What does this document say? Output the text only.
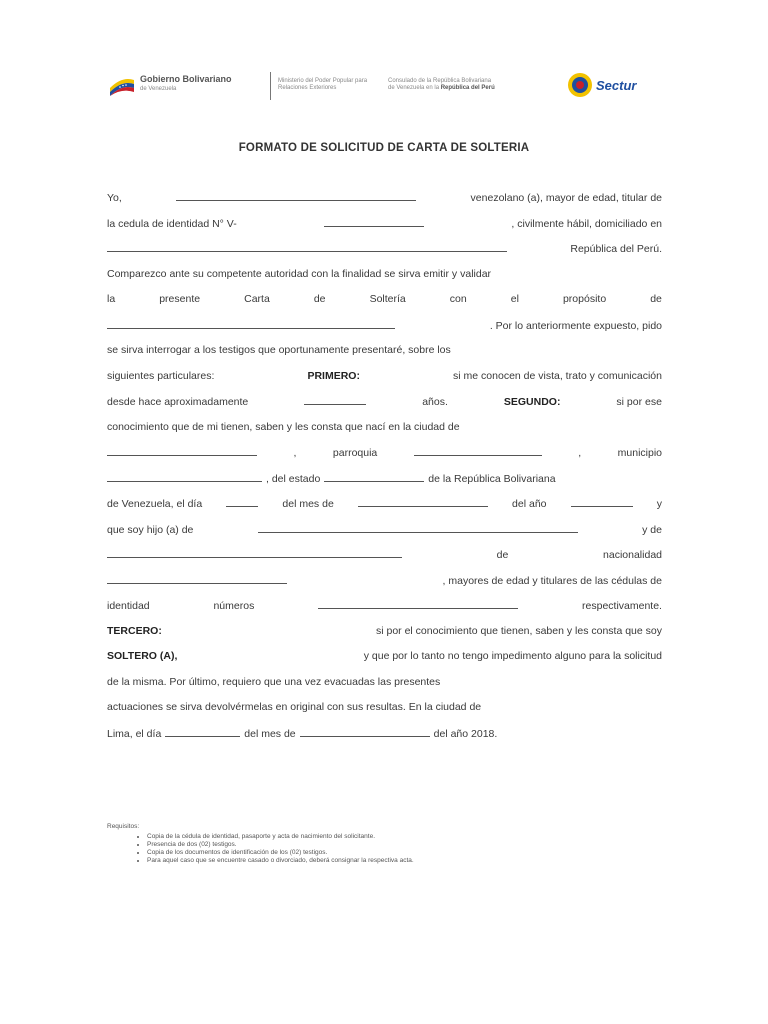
Gobierno Bolivariano
de Venezuela
Ministerio del Poder Popular para Relaciones Exteriores
Consulado de la República Bolivariana
de Venezuela en la República del Perú	Sectur
FORMATO DE SOLICITUD DE CARTA DE SOLTERIA
Yo,	venezolano (a), mayor de edad, titular de
la cedula de identidad N° V-	, civilmente hábil, domiciliado en
República del Perú.
Comparezco ante su competente autoridad con la finalidad se sirva emitir y validar
la	presente	Carta	de	Soltería	con	el	propósito	de
. Por lo anteriormente expuesto, pido
se sirva interrogar a los testigos que oportunamente presentaré, sobre los
siguientes particulares:	PRIMERO:	si me conocen de vista, trato y comunicación
desde hace aproximadamente	años.	SEGUNDO:	si por ese
conocimiento que de mi tienen, saben y les consta que nací en la ciudad de
,	parroquia	,	municipio
, del estado	de la República Bolivariana
de Venezuela, el día	del mes de	del año	y
que soy hijo (a) de	y de
de	nacionalidad
, mayores de edad y titulares de las cédulas de
identidad	números	respectivamente.
TERCERO:	si por el conocimiento que tienen, saben y les consta que soy
SOLTERO (A),	y que por lo tanto no tengo impedimento alguno para la solicitud
de la misma. Por último, requiero que una vez evacuadas las presentes
actuaciones se sirva devolvérmelas en original con sus resultas. En la ciudad de
Lima, el día	del mes de	del año 2018.
Requisitos:
• Copia de la cédula de identidad, pasaporte y acta de nacimiento del solicitante.
• Presencia de dos (02) testigos.
• Copia de los documentos de identificación de los (02) testigos.
• Para aquel caso que se encuentre casado o divorciado, deberá consignar la respectiva acta.
